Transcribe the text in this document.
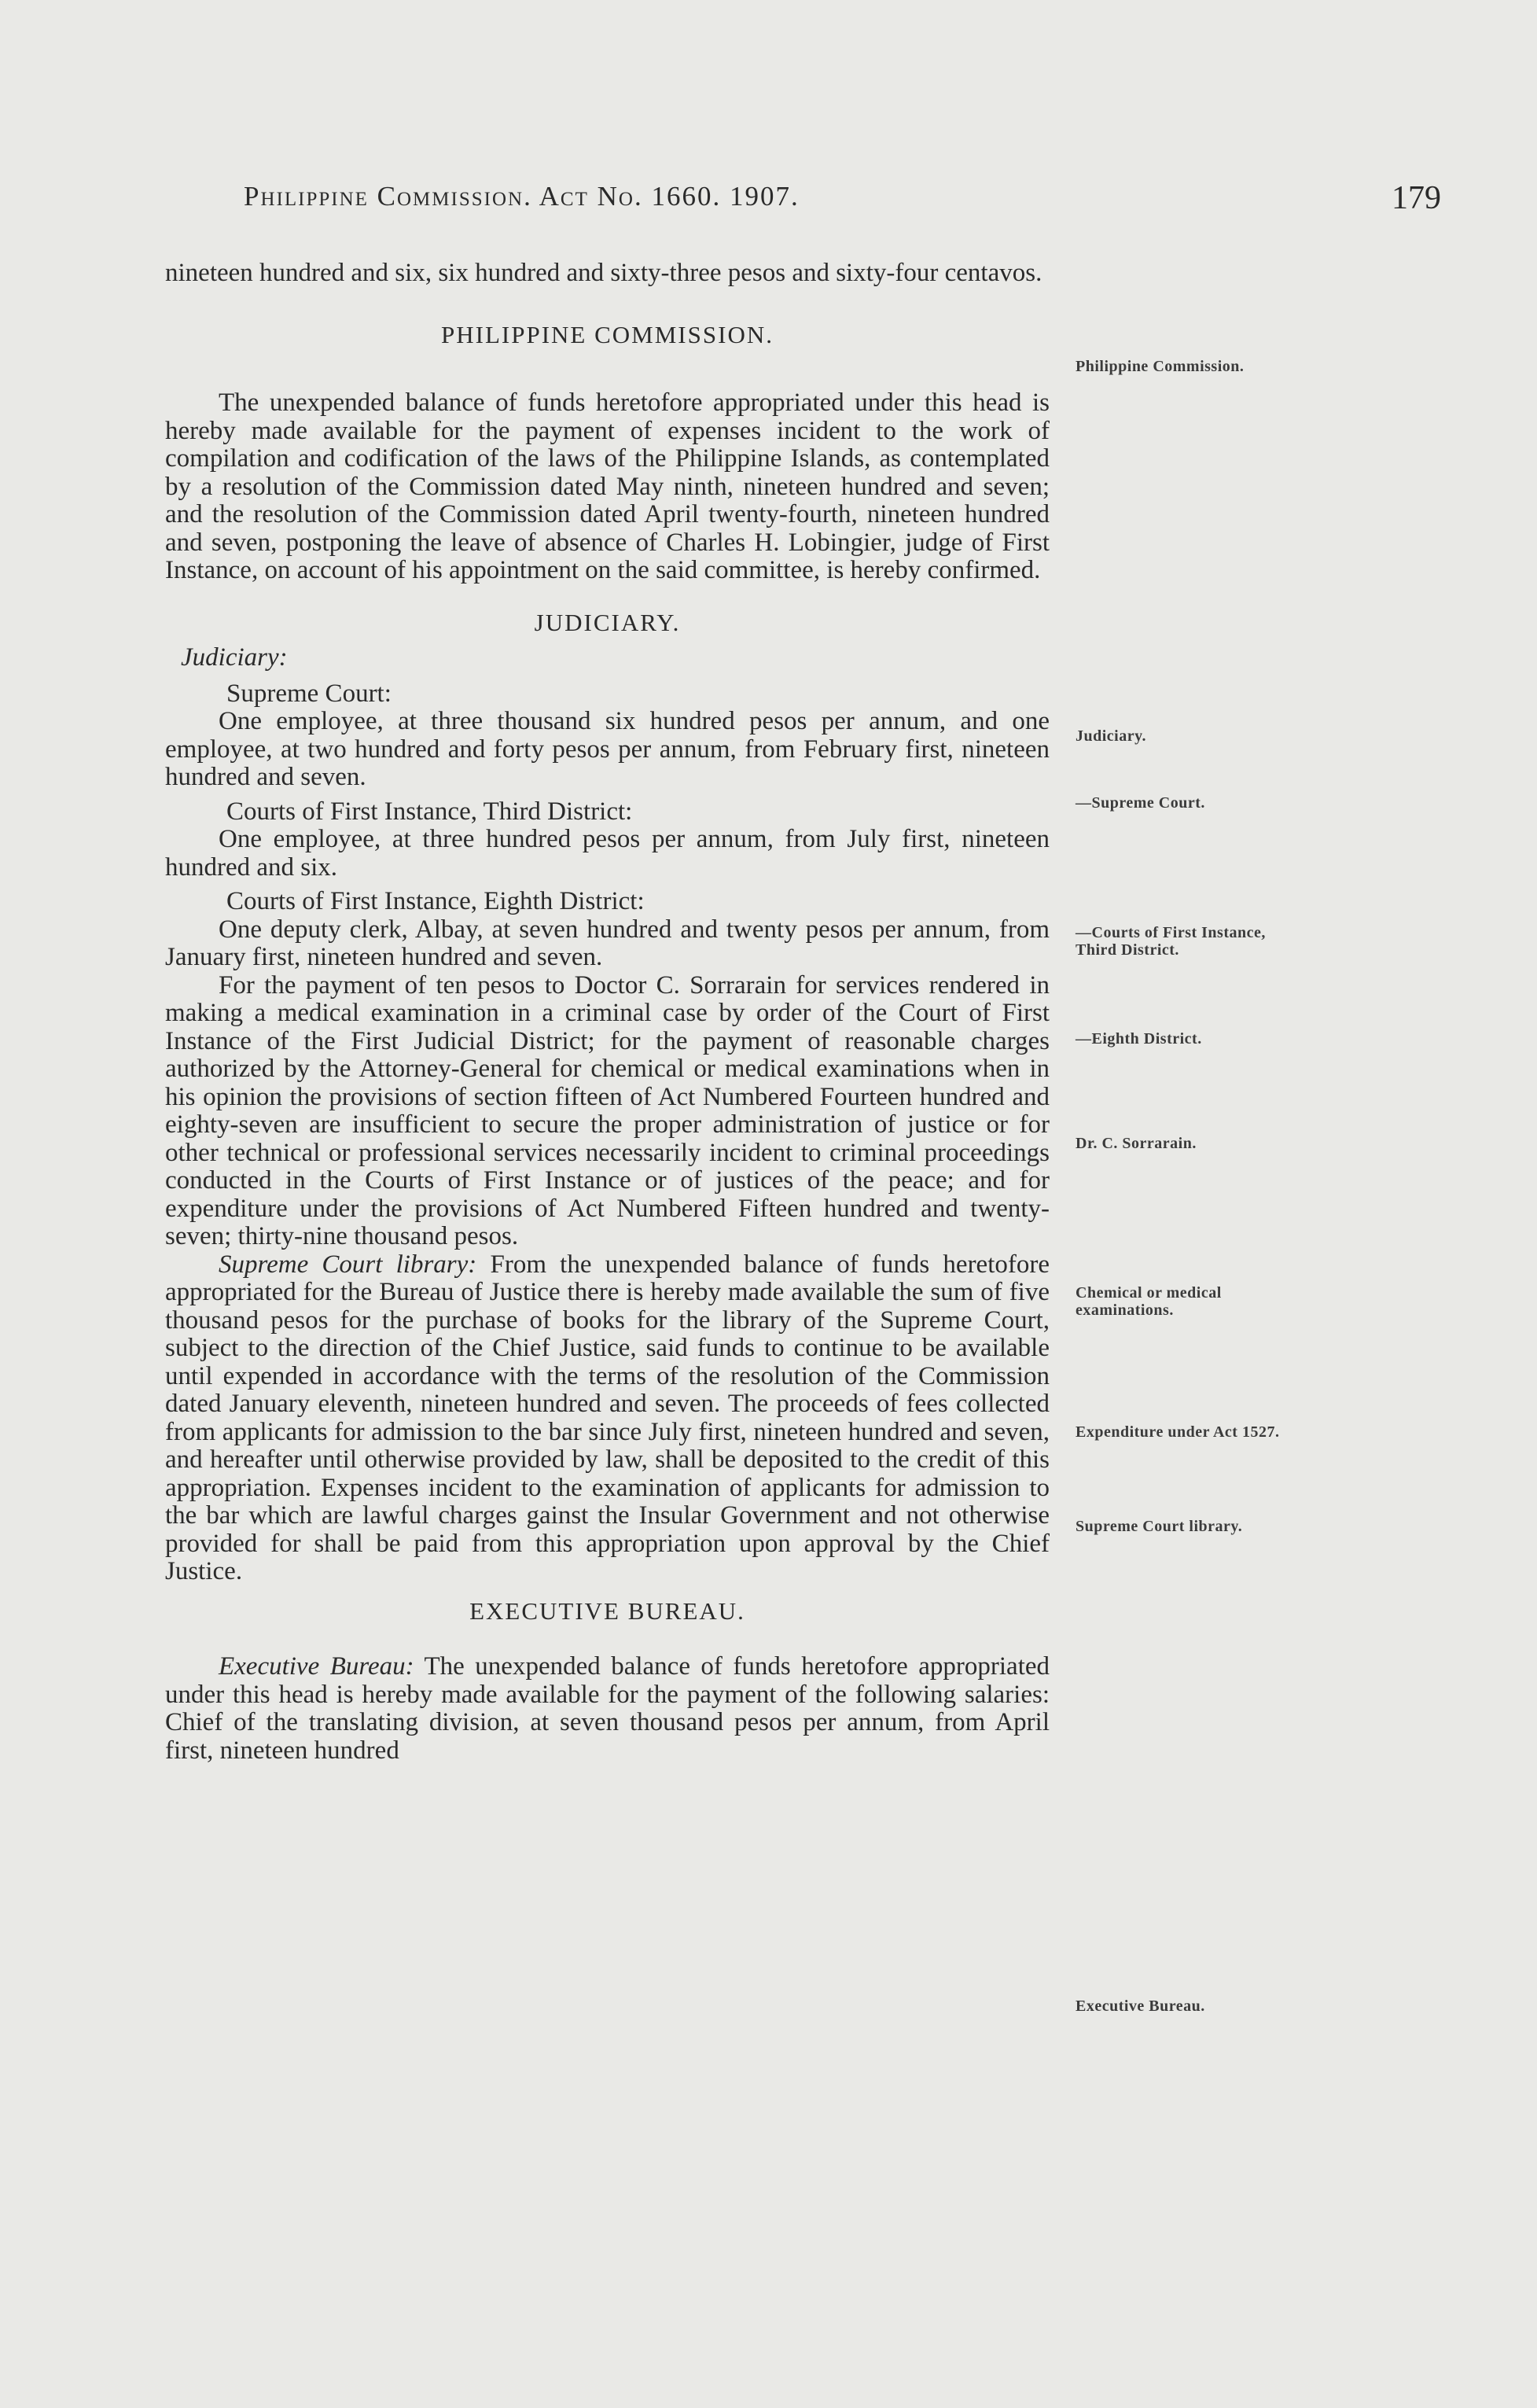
Philippine Commission. Act No. 1660. 1907.	179

nineteen hundred and six, six hundred and sixty-three pesos and sixty-four centavos.

PHILIPPINE COMMISSION.

The unexpended balance of funds heretofore appropriated under this head is hereby made available for the payment of expenses incident to the work of compilation and codification of the laws of the Philippine Islands, as contemplated by a resolution of the Commission dated May ninth, nineteen hundred and seven; and the resolution of the Commission dated April twenty-fourth, nineteen hundred and seven, postponing the leave of absence of Charles H. Lobingier, judge of First Instance, on account of his appointment on the said committee, is hereby confirmed.

JUDICIARY.

Judiciary:

Supreme Court:

One employee, at three thousand six hundred pesos per annum, and one employee, at two hundred and forty pesos per annum, from February first, nineteen hundred and seven.

Courts of First Instance, Third District:

One employee, at three hundred pesos per annum, from July first, nineteen hundred and six.

Courts of First Instance, Eighth District:

One deputy clerk, Albay, at seven hundred and twenty pesos per annum, from January first, nineteen hundred and seven.

For the payment of ten pesos to Doctor C. Sorrarain for services rendered in making a medical examination in a criminal case by order of the Court of First Instance of the First Judicial District; for the payment of reasonable charges authorized by the Attorney-General for chemical or medical examinations when in his opinion the provisions of section fifteen of Act Numbered Fourteen hundred and eighty-seven are insufficient to secure the proper administration of justice or for other technical or professional services necessarily incident to criminal proceedings conducted in the Courts of First Instance or of justices of the peace; and for expenditure under the provisions of Act Numbered Fifteen hundred and twenty-seven; thirty-nine thousand pesos.

Supreme Court library: From the unexpended balance of funds heretofore appropriated for the Bureau of Justice there is hereby made available the sum of five thousand pesos for the purchase of books for the library of the Supreme Court, subject to the direction of the Chief Justice, said funds to continue to be available until expended in accordance with the terms of the resolution of the Commission dated January eleventh, nineteen hundred and seven. The proceeds of fees collected from applicants for admission to the bar since July first, nineteen hundred and seven, and hereafter until otherwise provided by law, shall be deposited to the credit of this appropriation. Expenses incident to the examination of applicants for admission to the bar which are lawful charges gainst the Insular Government and not otherwise provided for shall be paid from this appropriation upon approval by the Chief Justice.

EXECUTIVE BUREAU.

Executive Bureau: The unexpended balance of funds heretofore appropriated under this head is hereby made available for the payment of the following salaries: Chief of the translating division, at seven thousand pesos per annum, from April first, nineteen hundred

Philippine Commission.
Judiciary.
—Supreme Court.
—Courts of First Instance, Third District.
—Eighth District.
Dr. C. Sorrarain.
Chemical or medical examinations.
Expenditure under Act 1527.
Supreme Court library.
Executive Bureau.
